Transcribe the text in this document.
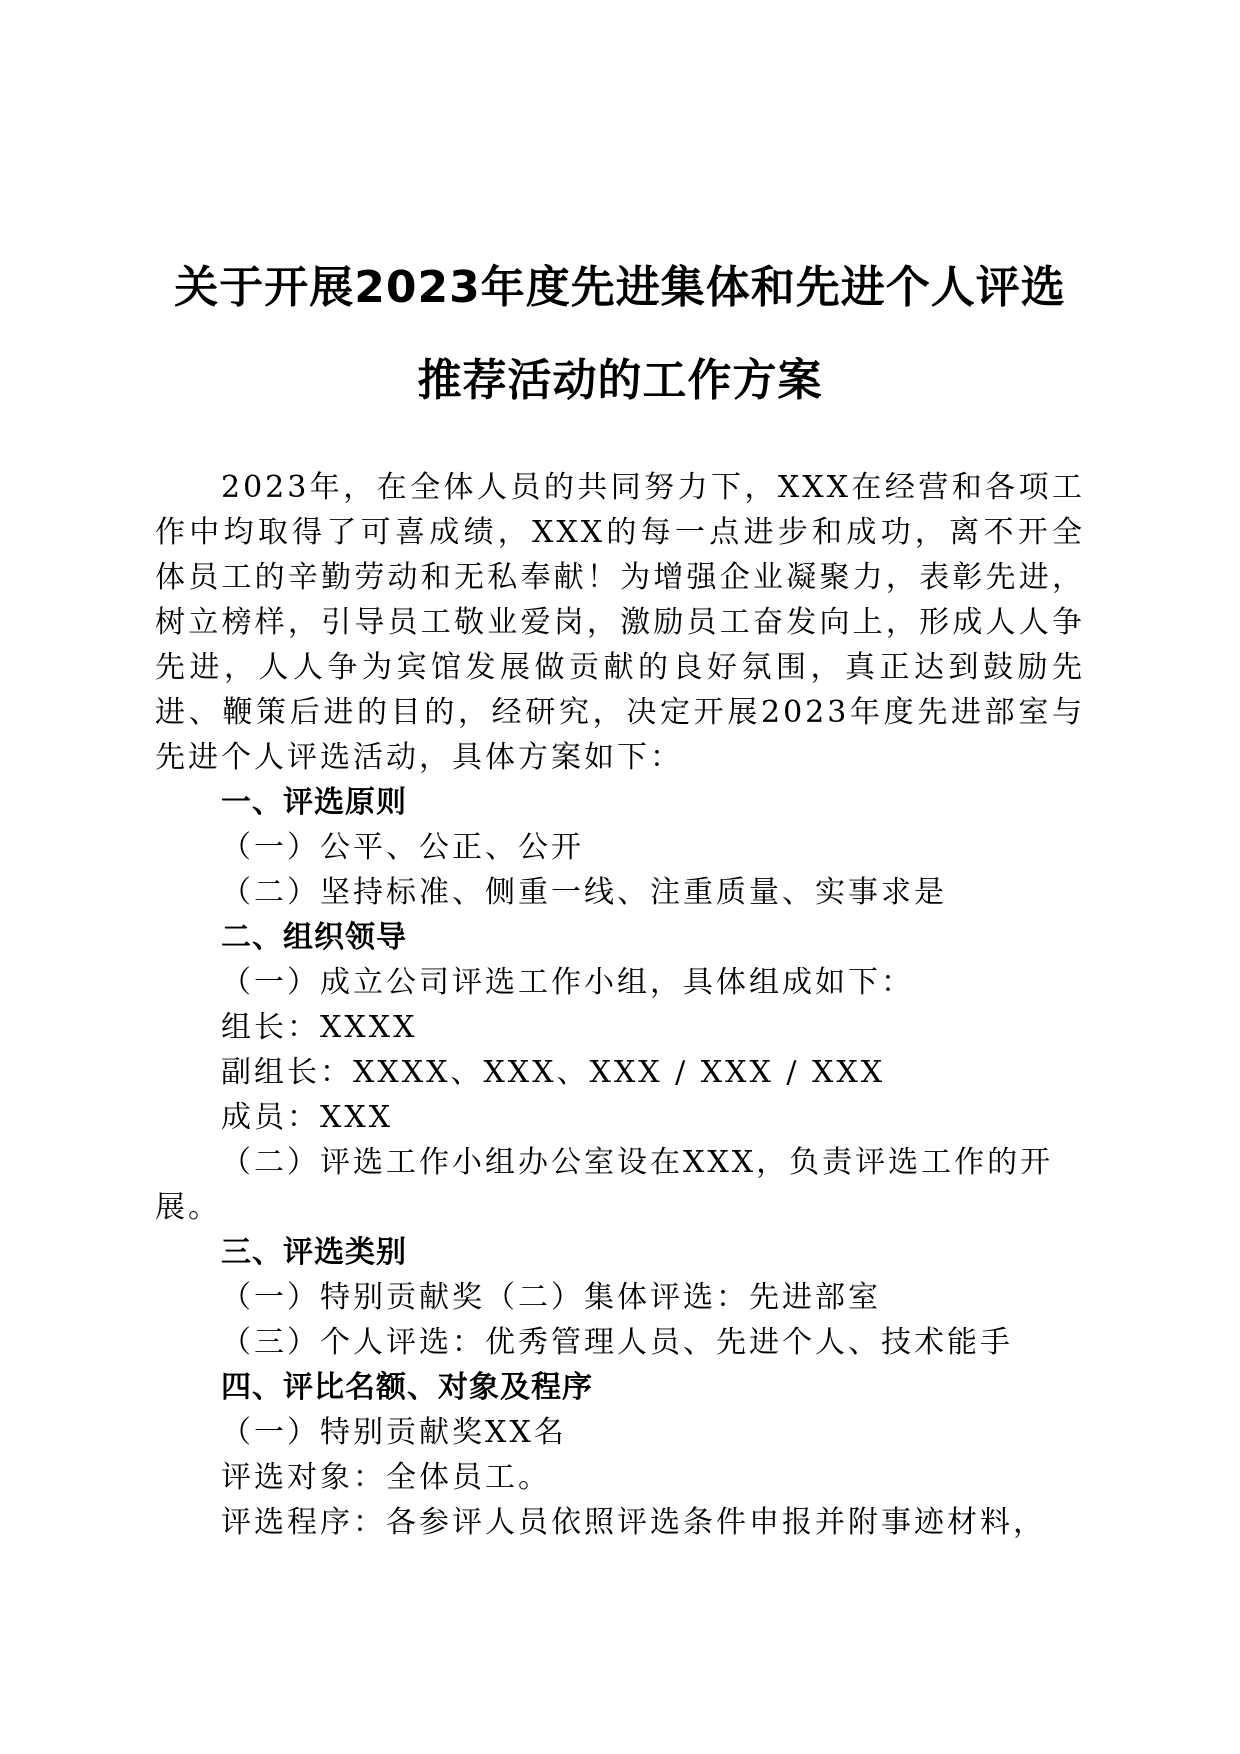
关于开展2023年度先进集体和先进个人评选
推荐活动的工作方案

2023年，在全体人员的共同努力下，XXX在经营和各项工作中均取得了可喜成绩，XXX的每一点进步和成功，离不开全体员工的辛勤劳动和无私奉献！为增强企业凝聚力，表彰先进，树立榜样，引导员工敬业爱岗，激励员工奋发向上，形成人人争先进，人人争为宾馆发展做贡献的良好氛围，真正达到鼓励先进、鞭策后进的目的，经研究，决定开展2023年度先进部室与先进个人评选活动，具体方案如下：

一、评选原则

（一）公平、公正、公开

（二）坚持标准、侧重一线、注重质量、实事求是

二、组织领导

（一）成立公司评选工作小组，具体组成如下：

组长：XXXX

副组长：XXXX、XXX、XXX / XXX / XXX

成员：XXX

（二）评选工作小组办公室设在XXX，负责评选工作的开展。

三、评选类别

（一）特别贡献奖（二）集体评选：先进部室

（三）个人评选：优秀管理人员、先进个人、技术能手

四、评比名额、对象及程序

（一）特别贡献奖XX名

评选对象：全体员工。

评选程序：各参评人员依照评选条件申报并附事迹材料，
